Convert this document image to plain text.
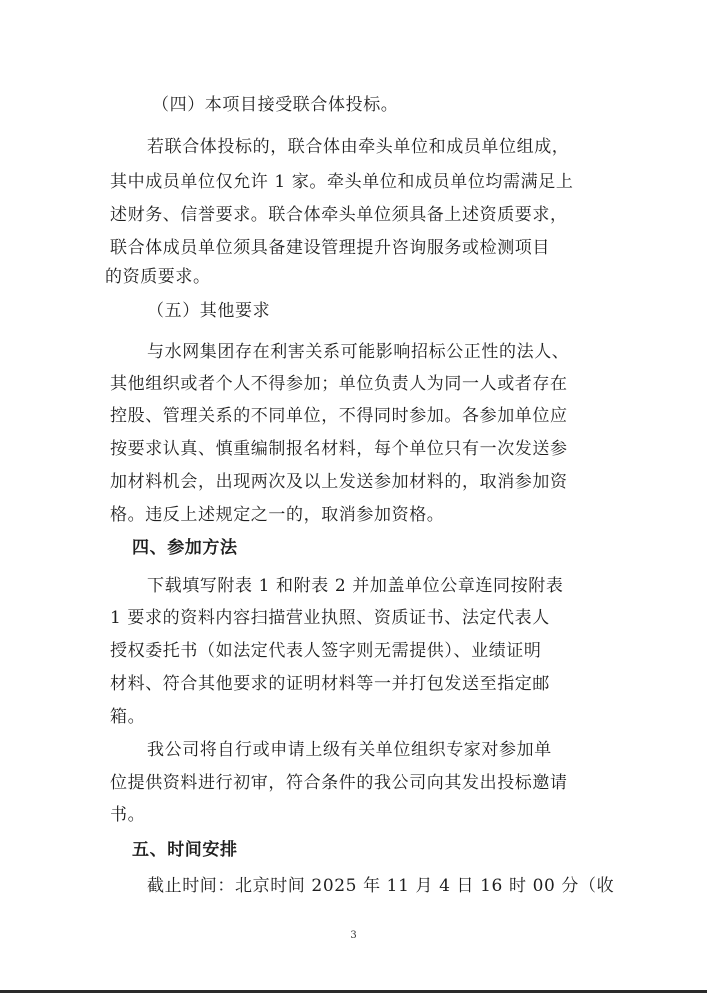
（四）本项目接受联合体投标。
若联合体投标的，联合体由牵头单位和成员单位组成，
其中成员单位仅允许 1 家。牵头单位和成员单位均需满足上
述财务、信誉要求。联合体牵头单位须具备上述资质要求，
联合体成员单位须具备建设管理提升咨询服务或检测项目
的资质要求。
（五）其他要求
与水网集团存在利害关系可能影响招标公正性的法人、
其他组织或者个人不得参加；单位负责人为同一人或者存在
控股、管理关系的不同单位，不得同时参加。各参加单位应
按要求认真、慎重编制报名材料，每个单位只有一次发送参
加材料机会，出现两次及以上发送参加材料的，取消参加资
格。违反上述规定之一的，取消参加资格。
四、参加方法
下载填写附表 1 和附表 2 并加盖单位公章连同按附表
1 要求的资料内容扫描营业执照、资质证书、法定代表人
授权委托书（如法定代表人签字则无需提供）、业绩证明
材料、符合其他要求的证明材料等一并打包发送至指定邮
箱。
我公司将自行或申请上级有关单位组织专家对参加单
位提供资料进行初审，符合条件的我公司向其发出投标邀请
书。
五、时间安排
截止时间：北京时间 2025 年 11 月 4 日 16 时 00 分（收
3
